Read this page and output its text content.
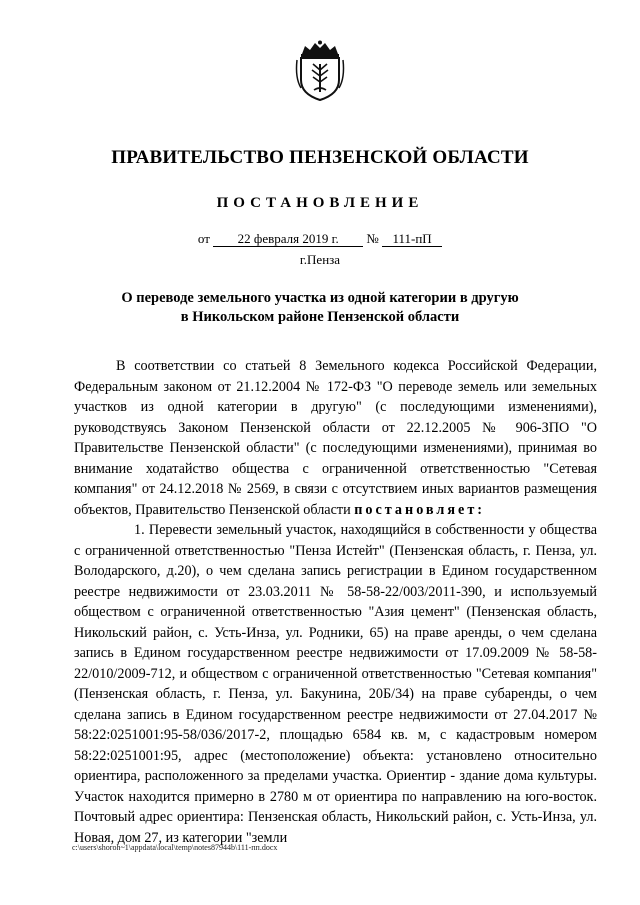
ПРАВИТЕЛЬСТВО ПЕНЗЕНСКОЙ ОБЛАСТИ
ПОСТАНОВЛЕНИЕ
от 22 февраля 2019 г. № 111-пП
г.Пенза
О переводе земельного участка из одной категории в другую
в Никольском районе Пензенской области

В соответствии со статьей 8 Земельного кодекса Российской Федерации, Федеральным законом от 21.12.2004 № 172-ФЗ "О переводе земель или земельных участков из одной категории в другую" (с последующими изменениями), руководствуясь Законом Пензенской области от 22.12.2005 № 906-ЗПО "О Правительстве Пензенской области" (с последующими изменениями), принимая во внимание ходатайство общества с ограниченной ответственностью "Сетевая компания" от 24.12.2018 № 2569, в связи с отсутствием иных вариантов размещения объектов, Правительство Пензенской области постановляет:

1. Перевести земельный участок, находящийся в собственности у общества с ограниченной ответственностью "Пенза Истейт" (Пензенская область, г. Пенза, ул. Володарского, д.20), о чем сделана запись регистрации в Едином государственном реестре недвижимости от 23.03.2011 № 58-58-22/003/2011-390, и используемый обществом с ограниченной ответственностью "Азия цемент" (Пензенская область, Никольский район, с. Усть-Инза, ул. Родники, 65) на праве аренды, о чем сделана запись в Едином государственном реестре недвижимости от 17.09.2009 № 58-58-22/010/2009-712, и обществом с ограниченной ответственностью "Сетевая компания" (Пензенская область, г. Пенза, ул. Бакунина, 20Б/34) на праве субаренды, о чем сделана запись в Едином государственном реестре недвижимости от 27.04.2017 № 58:22:0251001:95-58/036/2017-2, площадью 6584 кв. м, с кадастровым номером 58:22:0251001:95, адрес (местоположение) объекта: установлено относительно ориентира, расположенного за пределами участка. Ориентир - здание дома культуры. Участок находится примерно в 2780 м от ориентира по направлению на юго-восток. Почтовый адрес ориентира: Пензенская область, Никольский район, с. Усть-Инза, ул. Новая, дом 27, из категории "земли

c:\users\shoroh~1\appdata\local\temp\notes87944b\111-пп.docx
